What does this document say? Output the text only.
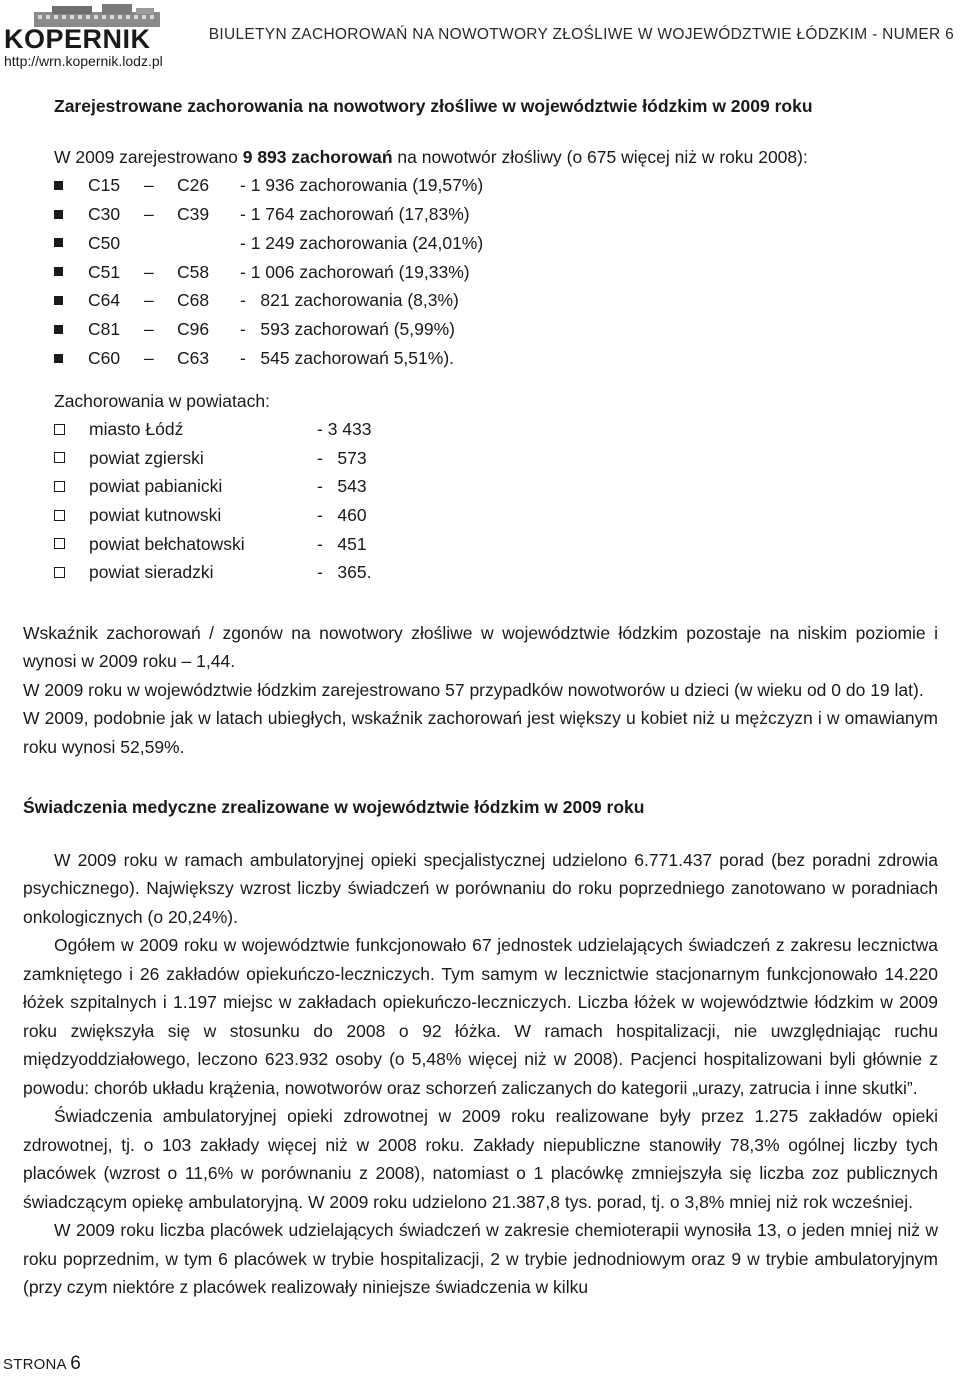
KOPERNIK
http://wrn.kopernik.lodz.pl
BIULETYN ZACHOROWAŃ NA NOWOTWORY ZŁOŚLIWE W WOJEWÓDZTWIE ŁÓDZKIM - NUMER 6
Zarejestrowane zachorowania na nowotwory złośliwe w województwie łódzkim w 2009 roku
W 2009 zarejestrowano 9 893 zachorowań na nowotwór złośliwy (o 675 więcej niż w roku 2008):
C15	–	C26	- 1 936 zachorowania (19,57%)
C30	–	C39	- 1 764 zachorowań (17,83%)
C50	- 1 249 zachorowania (24,01%)
C51	–	C58	- 1 006 zachorowań (19,33%)
C64	–	C68	-   821 zachorowania (8,3%)
C81	–	C96	-   593 zachorowań (5,99%)
C60	–	C63	-   545 zachorowań 5,51%).
Zachorowania w powiatach:
miasto Łódź	- 3 433
powiat zgierski	-   573
powiat pabianicki	-   543
powiat kutnowski	-   460
powiat bełchatowski	-   451
powiat sieradzki	-   365.

Wskaźnik zachorowań / zgonów na nowotwory złośliwe w województwie łódzkim pozostaje na niskim poziomie i wynosi w 2009 roku – 1,44.

W 2009 roku w województwie łódzkim zarejestrowano 57 przypadków nowotworów u dzieci (w wieku od 0 do 19 lat).

W 2009, podobnie jak w latach ubiegłych, wskaźnik zachorowań jest większy u kobiet niż u mężczyzn i w omawianym roku wynosi 52,59%.

Świadczenia medyczne zrealizowane w województwie łódzkim w 2009 roku

W 2009 roku w ramach ambulatoryjnej opieki specjalistycznej udzielono 6.771.437 porad (bez poradni zdrowia psychicznego). Największy wzrost liczby świadczeń w porównaniu do roku poprzedniego zanotowano w poradniach onkologicznych (o 20,24%).

Ogółem w 2009 roku w województwie funkcjonowało 67 jednostek udzielających świadczeń z zakresu lecznictwa zamkniętego i 26 zakładów opiekuńczo-leczniczych. Tym samym w lecznictwie stacjonarnym funkcjonowało 14.220 łóżek szpitalnych i 1.197 miejsc w zakładach opiekuńczo-leczniczych. Liczba łóżek w województwie łódzkim w 2009 roku zwiększyła się w stosunku do 2008 o 92 łóżka. W ramach hospitalizacji, nie uwzględniając ruchu międzyoddziałowego, leczono 623.932 osoby (o 5,48% więcej niż w 2008). Pacjenci hospitalizowani byli głównie z powodu: chorób układu krążenia, nowotworów oraz schorzeń zaliczanych do kategorii „urazy, zatrucia i inne skutki”.

Świadczenia ambulatoryjnej opieki zdrowotnej w 2009 roku realizowane były przez 1.275 zakładów opieki zdrowotnej, tj. o 103 zakłady więcej niż w 2008 roku. Zakłady niepubliczne stanowiły 78,3% ogólnej liczby tych placówek (wzrost o 11,6% w porównaniu z 2008), natomiast o 1 placówkę zmniejszyła się liczba zoz publicznych świadczącym opiekę ambulatoryjną. W 2009 roku udzielono 21.387,8 tys. porad, tj. o 3,8% mniej niż rok wcześniej.

W 2009 roku liczba placówek udzielających świadczeń w zakresie chemioterapii wynosiła 13, o jeden mniej niż w roku poprzednim, w tym 6 placówek w trybie hospitalizacji, 2 w trybie jednodniowym oraz 9 w trybie ambulatoryjnym (przy czym niektóre z placówek realizowały niniejsze świadczenia w kilku

STRONA 6
